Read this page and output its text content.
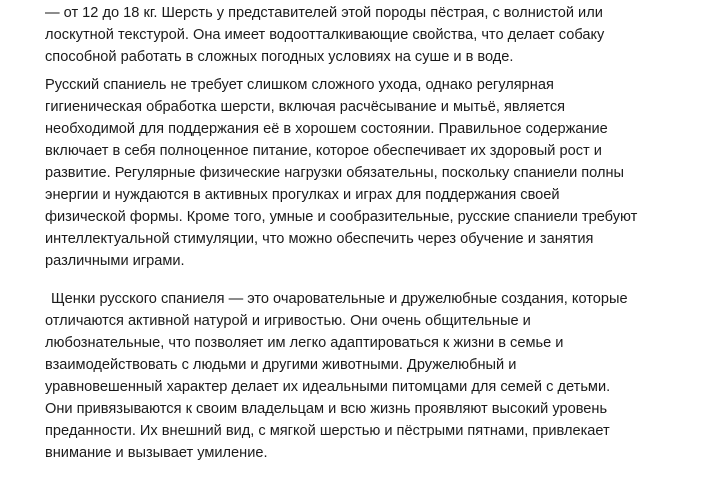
— от 12 до 18 кг. Шерсть у представителей этой породы пёстрая, с волнистой или
лоскутной текстурой. Она имеет водоотталкивающие свойства, что делает собаку
способной работать в сложных погодных условиях на суше и в воде.
Русский спаниель не требует слишком сложного ухода, однако регулярная
гигиеническая обработка шерсти, включая расчёсывание и мытьё, является
необходимой для поддержания её в хорошем состоянии. Правильное содержание
включает в себя полноценное питание, которое обеспечивает их здоровый рост и
развитие. Регулярные физические нагрузки обязательны, поскольку спаниели полны
энергии и нуждаются в активных прогулках и играх для поддержания своей
физической формы. Кроме того, умные и сообразительные, русские спаниели требуют
интеллектуальной стимуляции, что можно обеспечить через обучение и занятия
различными играми.
Щенки русского спаниеля — это очаровательные и дружелюбные создания, которые
отличаются активной натурой и игривостью. Они очень общительные и
любознательные, что позволяет им легко адаптироваться к жизни в семье и
взаимодействовать с людьми и другими животными. Дружелюбный и
уравновешенный характер делает их идеальными питомцами для семей с детьми.
Они привязываются к своим владельцам и всю жизнь проявляют высокий уровень
преданности. Их внешний вид, с мягкой шерстью и пёстрыми пятнами, привлекает
внимание и вызывает умиление.
